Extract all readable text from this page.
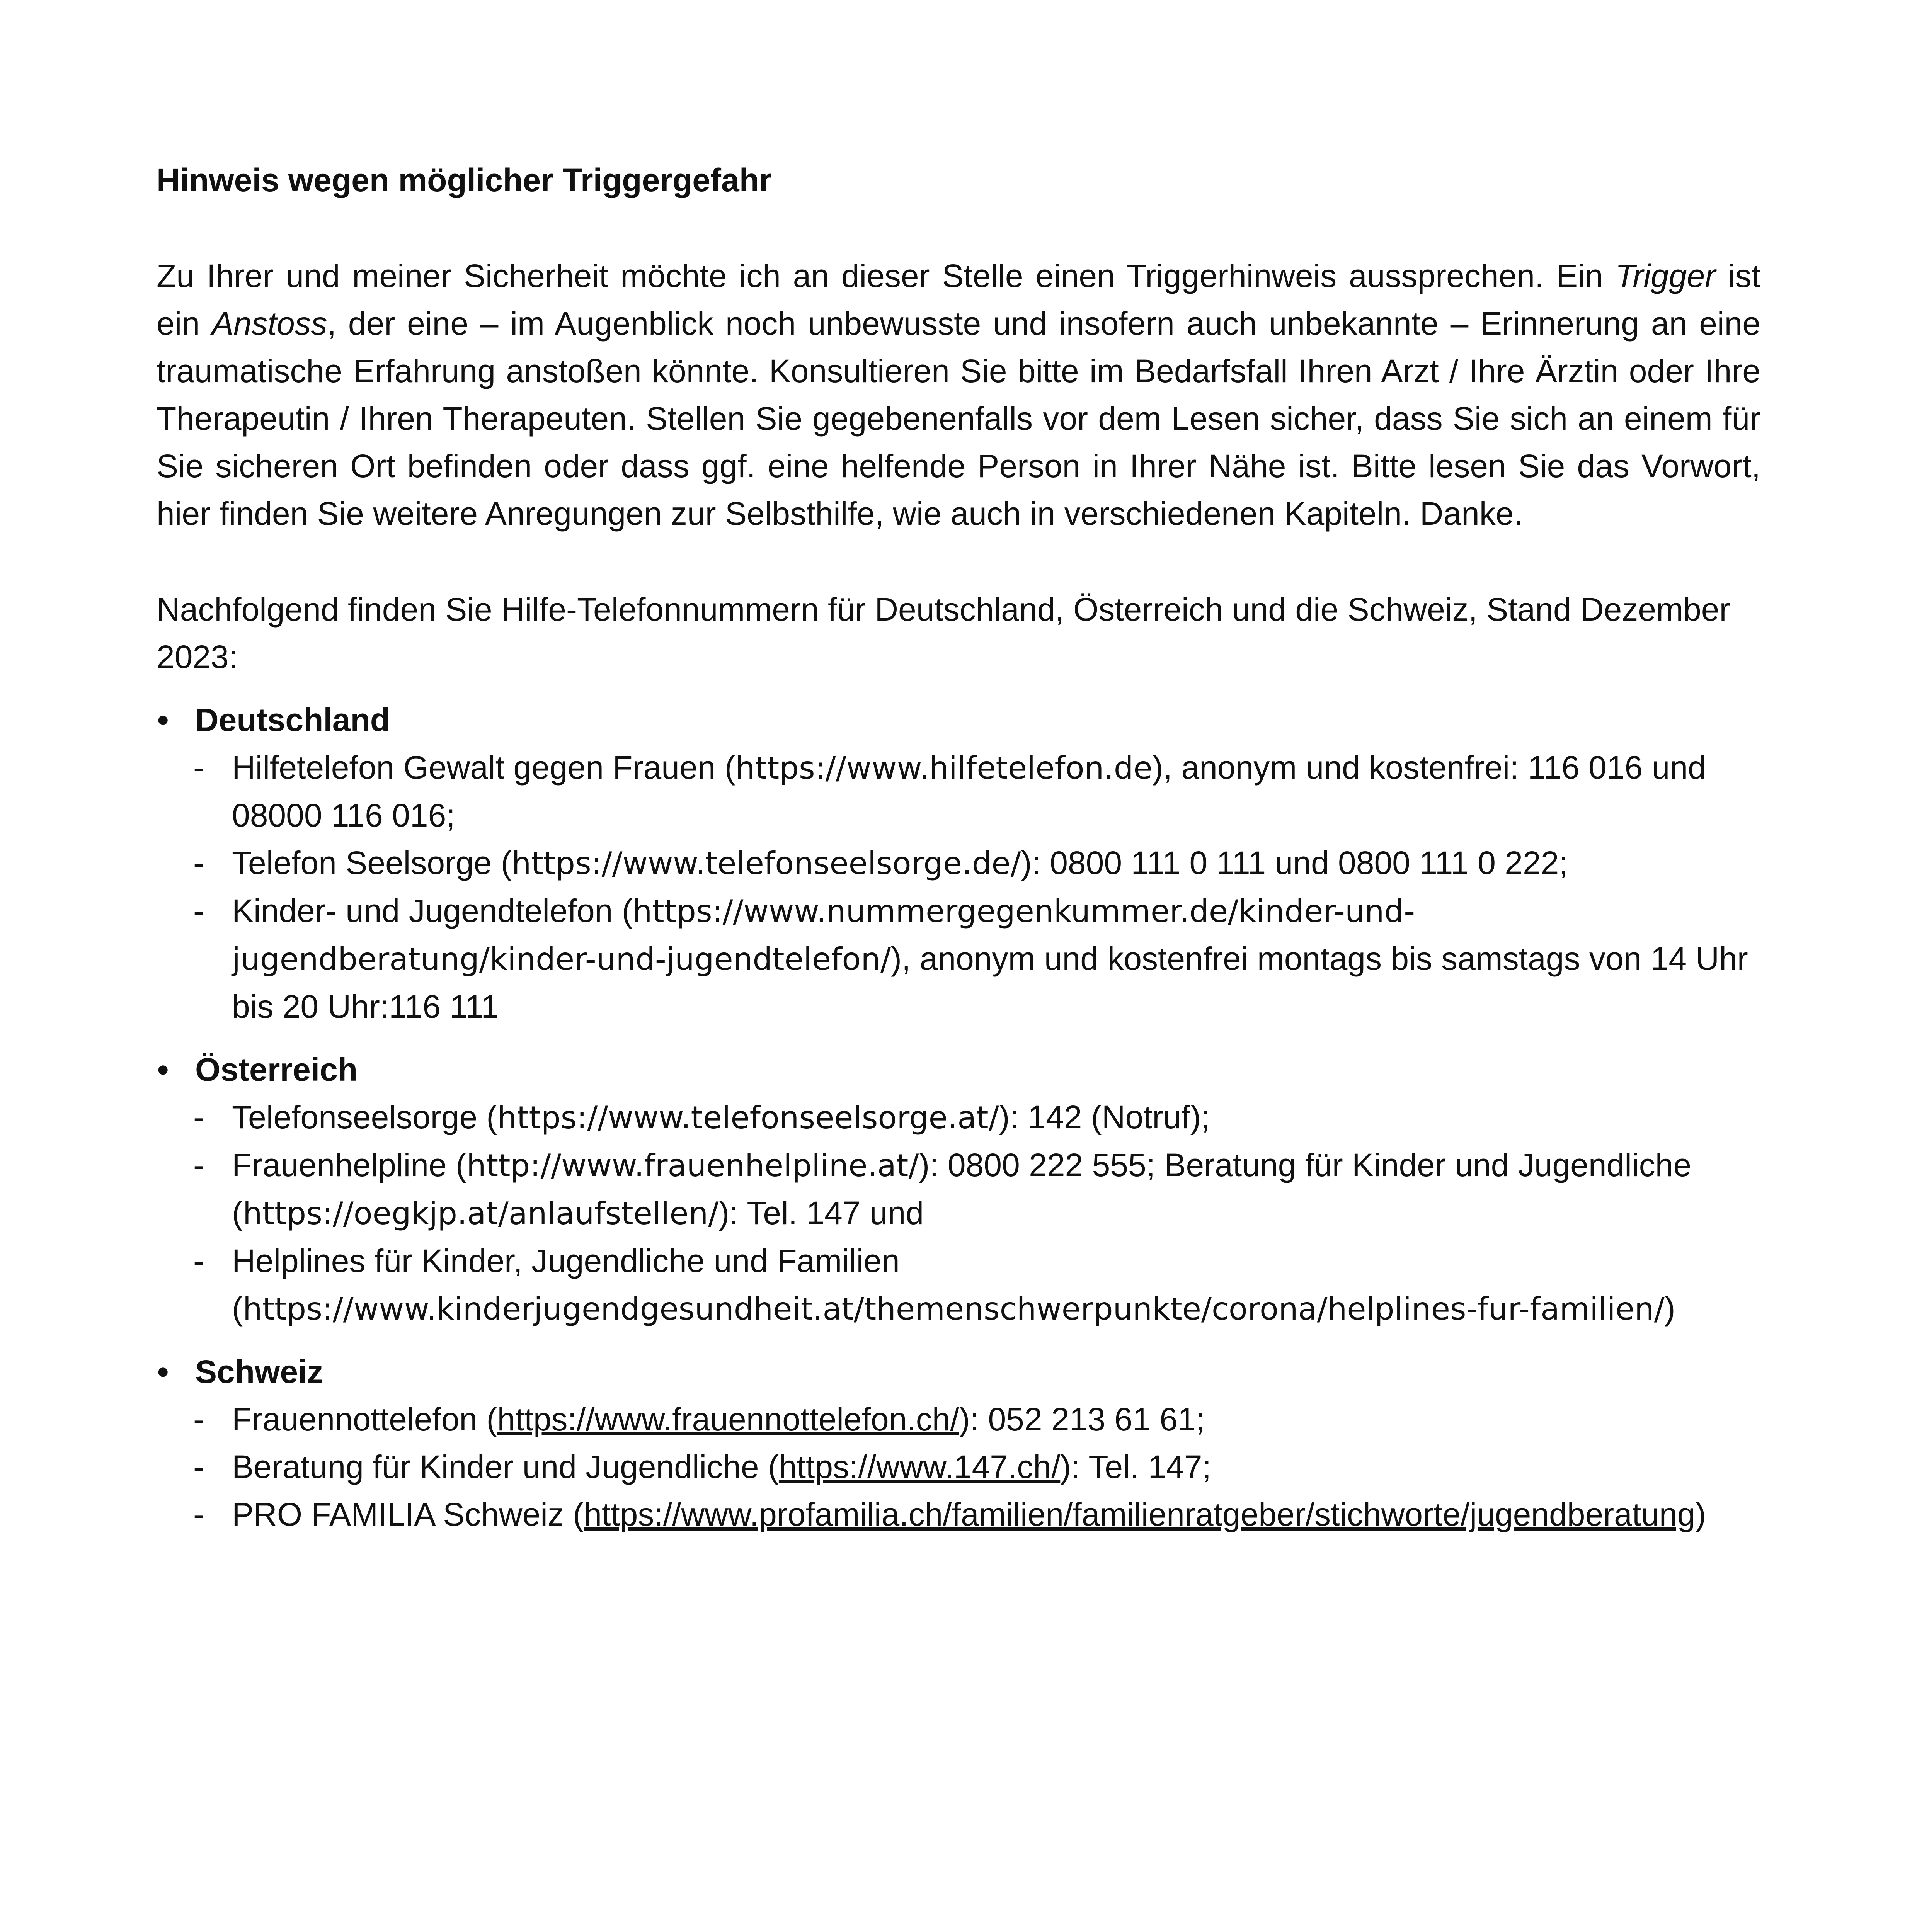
Hinweis wegen möglicher Triggergefahr
Zu Ihrer und meiner Sicherheit möchte ich an dieser Stelle einen Triggerhinweis aussprechen. Ein Trigger ist ein Anstoss, der eine – im Augenblick noch unbewusste und insofern auch unbekannte – Erinnerung an eine traumatische Erfahrung anstoßen könnte. Konsultieren Sie bitte im Bedarfsfall Ihren Arzt / Ihre Ärztin oder Ihre Therapeutin / Ihren Therapeuten. Stellen Sie gegebenenfalls vor dem Lesen sicher, dass Sie sich an einem für Sie sicheren Ort befinden oder dass ggf. eine helfende Person in Ihrer Nähe ist. Bitte lesen Sie das Vorwort, hier finden Sie weitere Anregungen zur Selbsthilfe, wie auch in verschiedenen Kapiteln. Danke.
Nachfolgend finden Sie Hilfe-Telefonnummern für Deutschland, Österreich und die Schweiz, Stand Dezember 2023:
• Deutschland
- Hilfetelefon Gewalt gegen Frauen (https://www.hilfetelefon.de), anonym und kostenfrei: 116 016 und 08000 116 016;
- Telefon Seelsorge (https://www.telefonseelsorge.de/): 0800 111 0 111 und 0800 111 0 222;
- Kinder- und Jugendtelefon (https://www.nummergegenkummer.de/kinder-und-jugendberatung/kinder-und-jugendtelefon/), anonym und kostenfrei montags bis samstags von 14 Uhr bis 20 Uhr:116 111
• Österreich
- Telefonseelsorge (https://www.telefonseelsorge.at/): 142 (Notruf);
- Frauenhelpline (http://www.frauenhelpline.at/): 0800 222 555; Beratung für Kinder und Jugendliche (https://oegkjp.at/anlaufstellen/): Tel. 147 und
- Helplines für Kinder, Jugendliche und Familien (https://www.kinderjugendgesundheit.at/themenschwerpunkte/corona/helplines-fur-familien/)
• Schweiz
- Frauennottelefon (https://www.frauennottelefon.ch/): 052 213 61 61;
- Beratung für Kinder und Jugendliche (https://www.147.ch/): Tel. 147;
- PRO FAMILIA Schweiz (https://www.profamilia.ch/familien/familienratgeber/stichworte/jugendberatung)
